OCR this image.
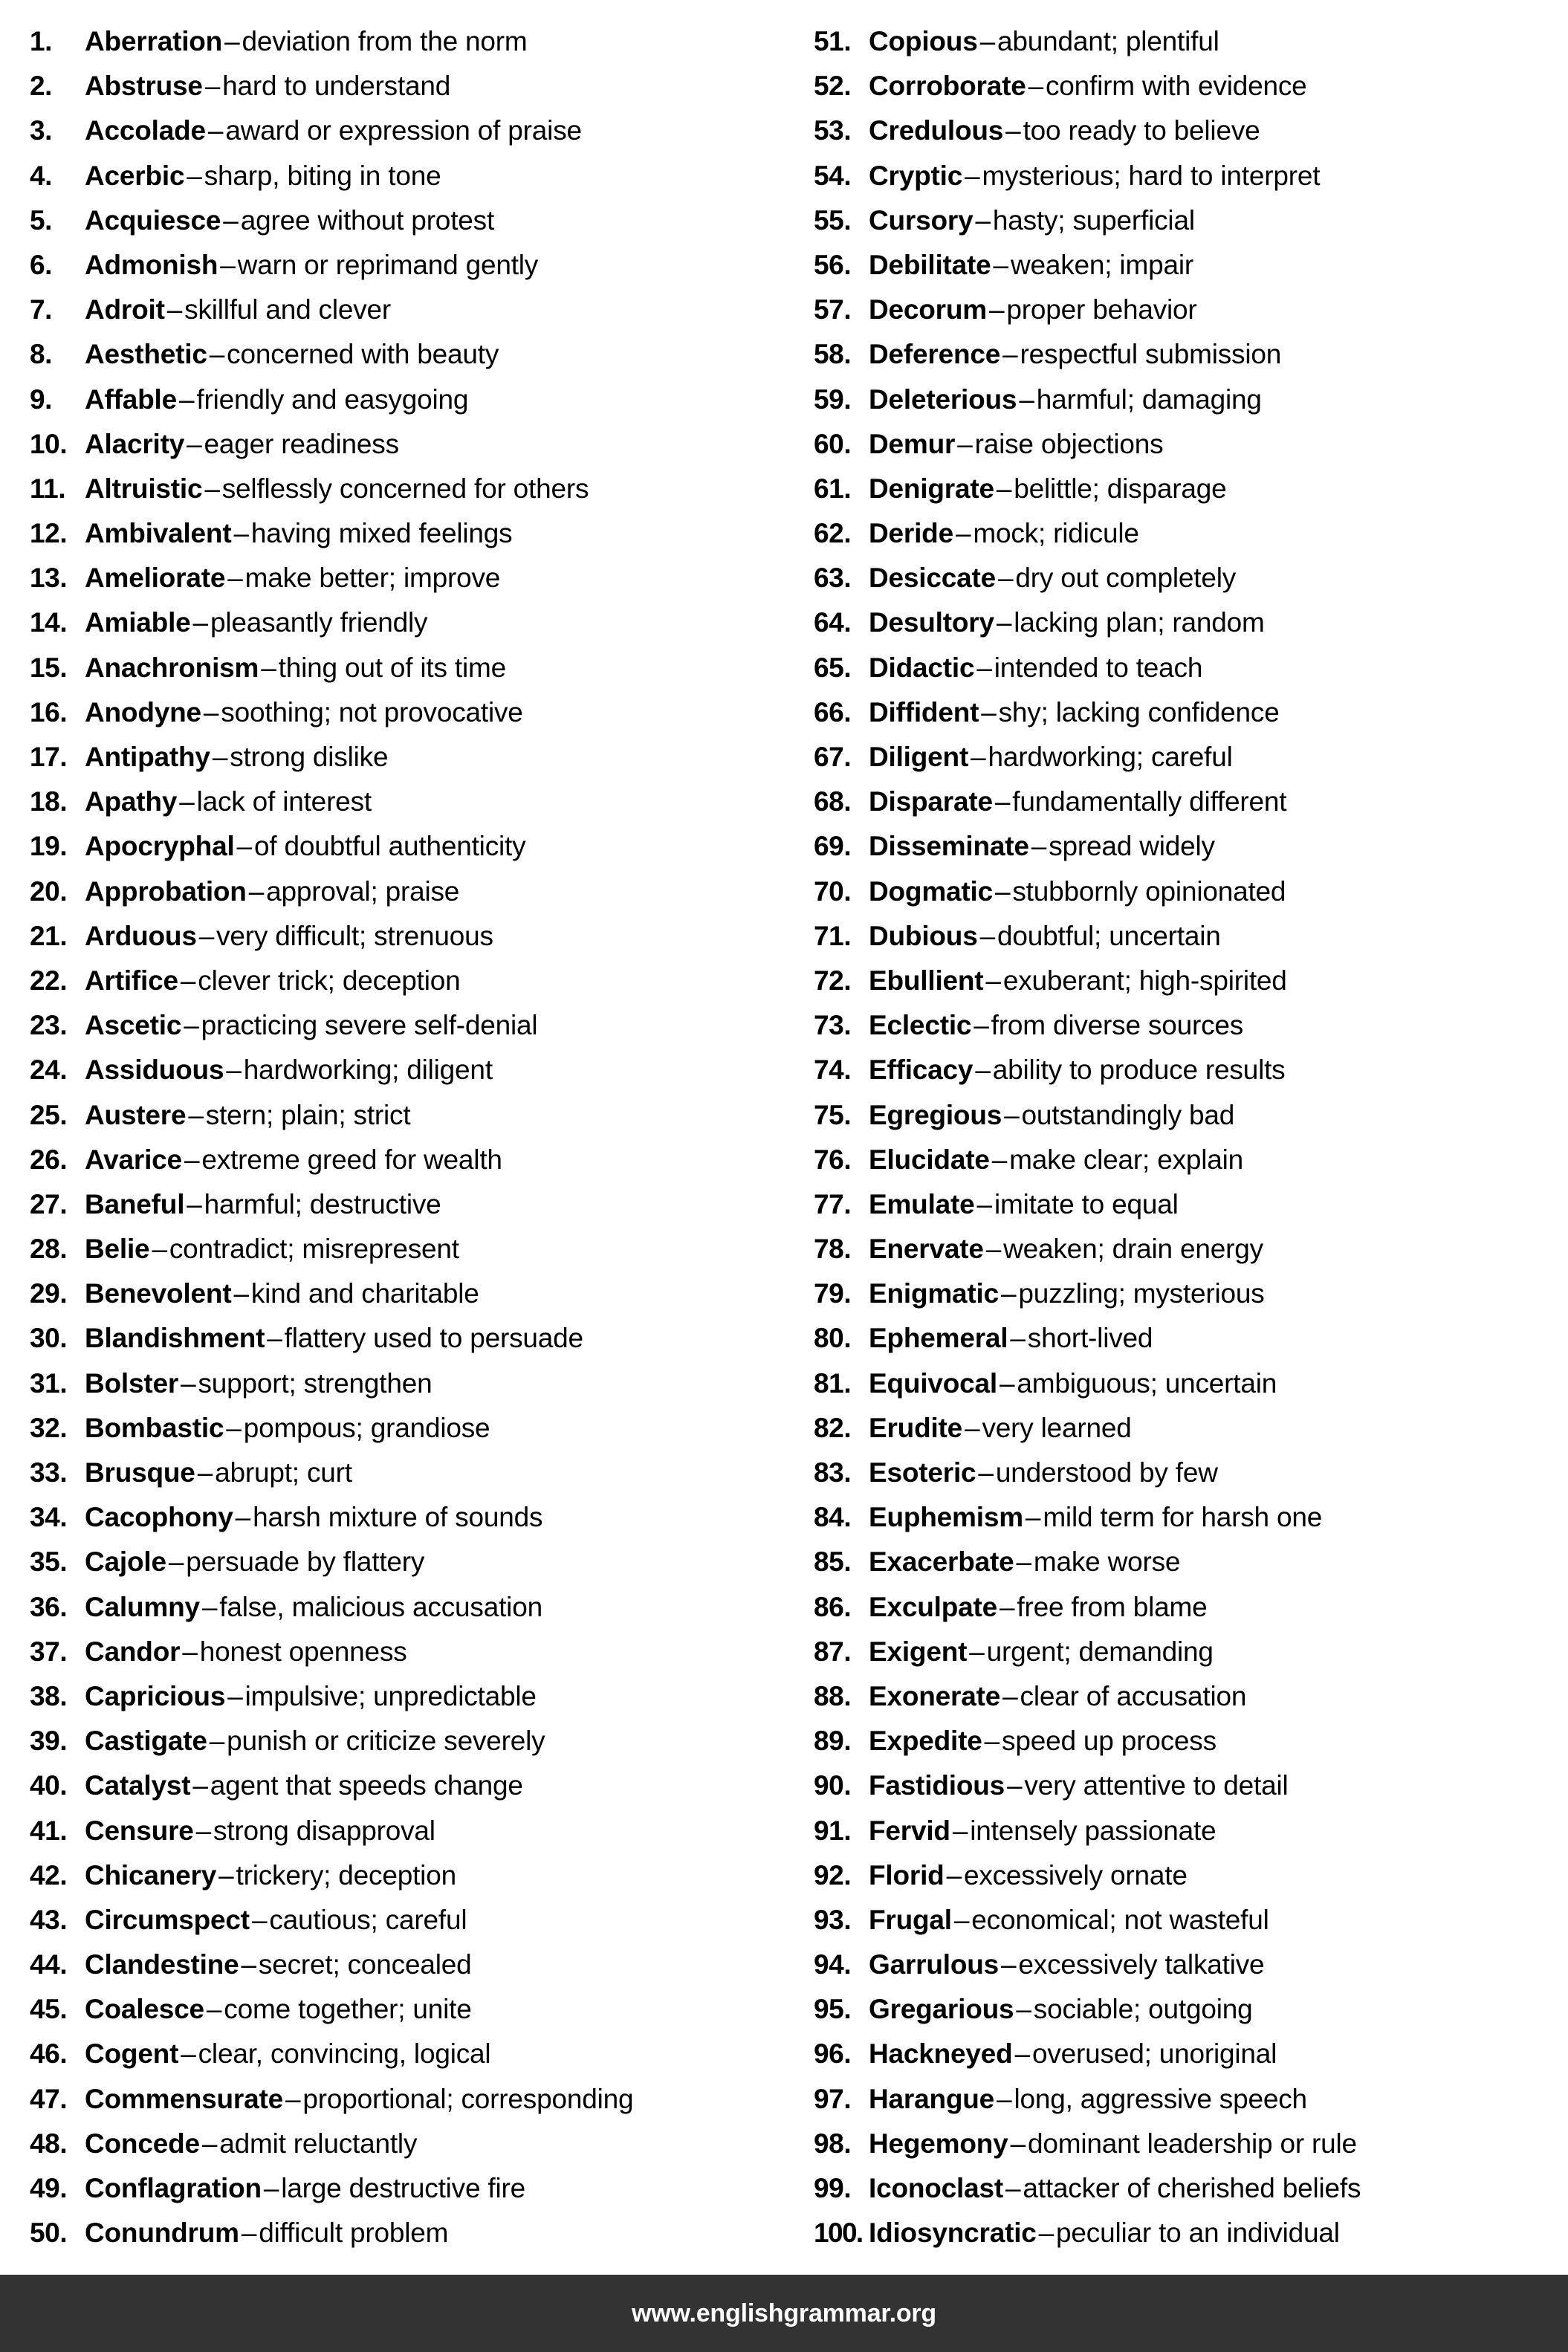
1.	Aberration–deviation from the norm
2.	Abstruse–hard to understand
3.	Accolade–award or expression of praise
4.	Acerbic–sharp, biting in tone
5.	Acquiesce–agree without protest
6.	Admonish–warn or reprimand gently
7.	Adroit–skillful and clever
8.	Aesthetic–concerned with beauty
9.	Affable–friendly and easygoing
10. Alacrity–eager readiness
11. Altruistic–selflessly concerned for others
12. Ambivalent–having mixed feelings
13. Ameliorate–make better; improve
14. Amiable–pleasantly friendly
15. Anachronism–thing out of its time
16. Anodyne–soothing; not provocative
17. Antipathy–strong dislike
18. Apathy–lack of interest
19. Apocryphal–of doubtful authenticity
20. Approbation–approval; praise
21. Arduous–very difficult; strenuous
22. Artifice–clever trick; deception
23. Ascetic–practicing severe self-denial
24. Assiduous–hardworking; diligent
25. Austere–stern; plain; strict
26. Avarice–extreme greed for wealth
27. Baneful–harmful; destructive
28. Belie–contradict; misrepresent
29. Benevolent–kind and charitable
30. Blandishment–flattery used to persuade
31. Bolster–support; strengthen
32. Bombastic–pompous; grandiose
33. Brusque–abrupt; curt
34. Cacophony–harsh mixture of sounds
35. Cajole–persuade by flattery
36. Calumny–false, malicious accusation
37. Candor–honest openness
38. Capricious–impulsive; unpredictable
39. Castigate–punish or criticize severely
40. Catalyst–agent that speeds change
41. Censure–strong disapproval
42. Chicanery–trickery; deception
43. Circumspect–cautious; careful
44. Clandestine–secret; concealed
45. Coalesce–come together; unite
46. Cogent–clear, convincing, logical
47. Commensurate–proportional; corresponding
48. Concede–admit reluctantly
49. Conflagration–large destructive fire
50. Conundrum–difficult problem
51. Copious–abundant; plentiful
52. Corroborate–confirm with evidence
53. Credulous–too ready to believe
54. Cryptic–mysterious; hard to interpret
55. Cursory–hasty; superficial
56. Debilitate–weaken; impair
57. Decorum–proper behavior
58. Deference–respectful submission
59. Deleterious–harmful; damaging
60. Demur–raise objections
61. Denigrate–belittle; disparage
62. Deride–mock; ridicule
63. Desiccate–dry out completely
64. Desultory–lacking plan; random
65. Didactic–intended to teach
66. Diffident–shy; lacking confidence
67. Diligent–hardworking; careful
68. Disparate–fundamentally different
69. Disseminate–spread widely
70. Dogmatic–stubbornly opinionated
71. Dubious–doubtful; uncertain
72. Ebullient–exuberant; high-spirited
73. Eclectic–from diverse sources
74. Efficacy–ability to produce results
75. Egregious–outstandingly bad
76. Elucidate–make clear; explain
77. Emulate–imitate to equal
78. Enervate–weaken; drain energy
79. Enigmatic–puzzling; mysterious
80. Ephemeral–short-lived
81. Equivocal–ambiguous; uncertain
82. Erudite–very learned
83. Esoteric–understood by few
84. Euphemism–mild term for harsh one
85. Exacerbate–make worse
86. Exculpate–free from blame
87. Exigent–urgent; demanding
88. Exonerate–clear of accusation
89. Expedite–speed up process
90. Fastidious–very attentive to detail
91. Fervid–intensely passionate
92. Florid–excessively ornate
93. Frugal–economical; not wasteful
94. Garrulous–excessively talkative
95. Gregarious–sociable; outgoing
96. Hackneyed–overused; unoriginal
97. Harangue–long, aggressive speech
98. Hegemony–dominant leadership or rule
99. Iconoclast–attacker of cherished beliefs
100. Idiosyncratic–peculiar to an individual
www.englishgrammar.org
